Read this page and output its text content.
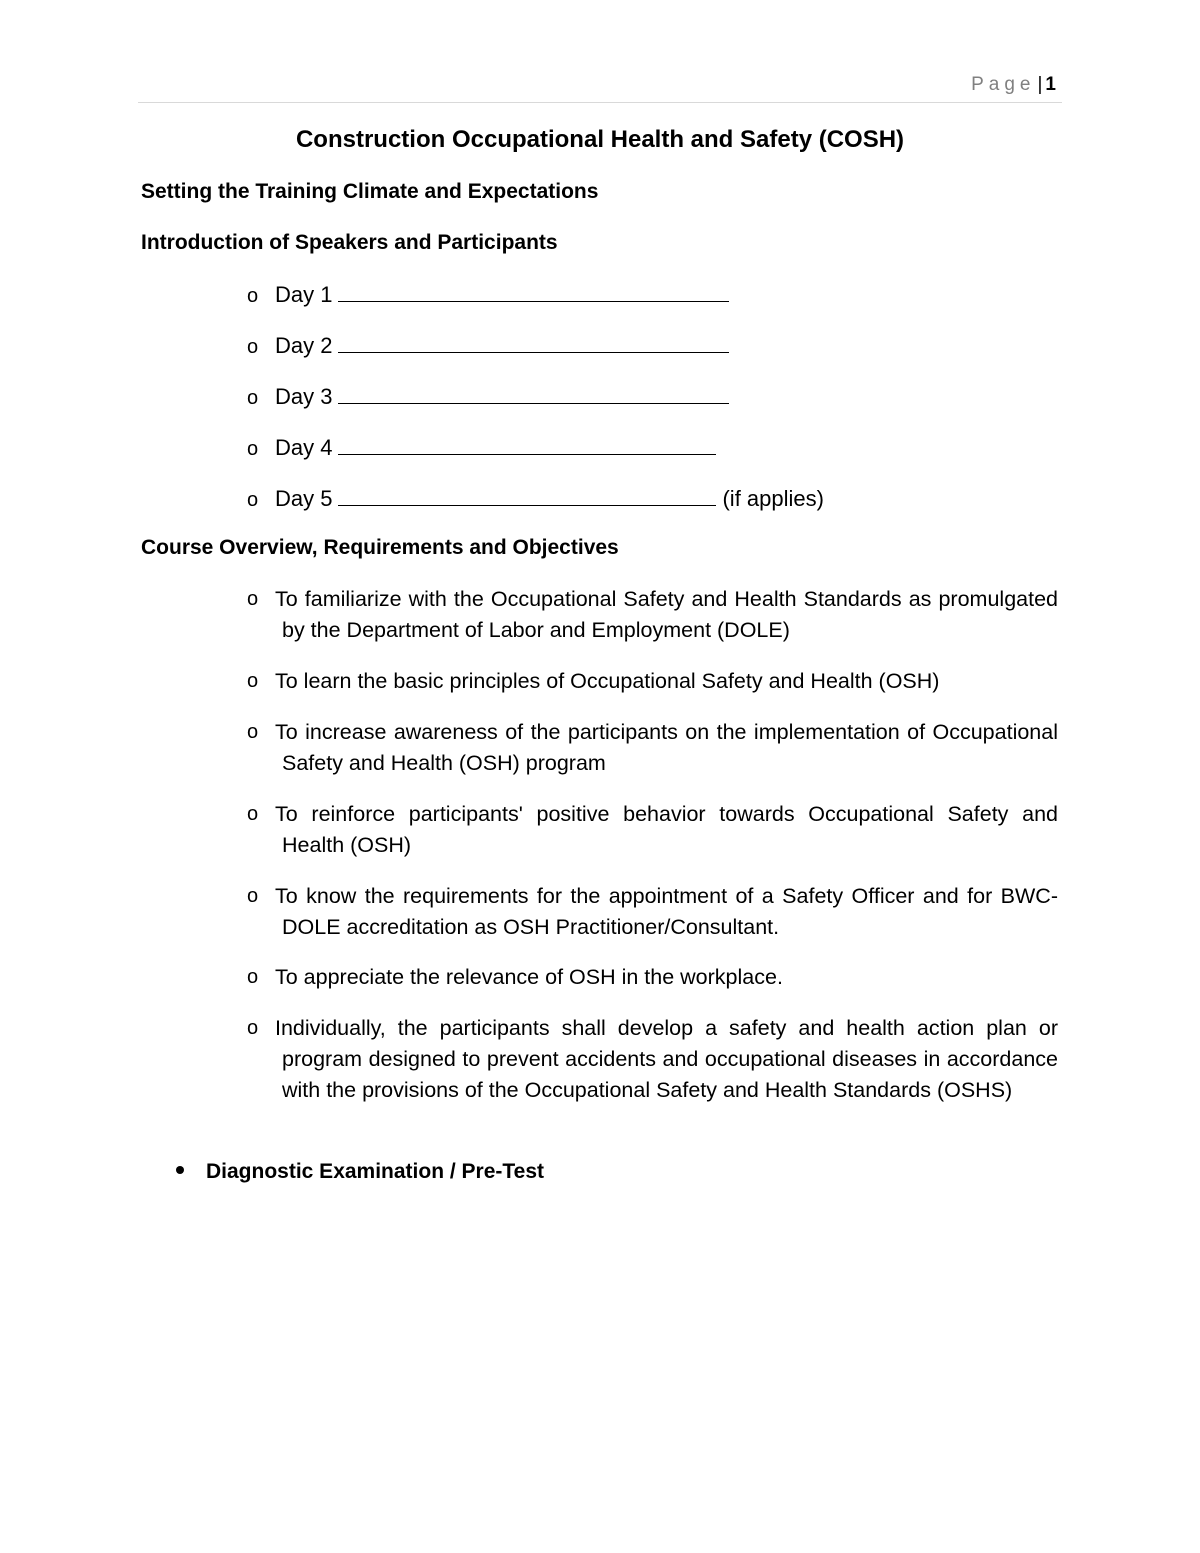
Page | 1
Construction Occupational Health and Safety (COSH)
Setting the Training Climate and Expectations
Introduction of Speakers and Participants
o Day 1
o Day 2
o Day 3
o Day 4
o Day 5	(if applies)
Course Overview, Requirements and Objectives
o To familiarize with the Occupational Safety and Health Standards as promulgated by the Department of Labor and Employment (DOLE)
o To learn the basic principles of Occupational Safety and Health (OSH)
o To increase awareness of the participants on the implementation of Occupational Safety and Health (OSH) program
o To reinforce participants' positive behavior towards Occupational Safety and Health (OSH)
o To know the requirements for the appointment of a Safety Officer and for BWC-DOLE accreditation as OSH Practitioner/Consultant.
o To appreciate the relevance of OSH in the workplace.
o Individually, the participants shall develop a safety and health action plan or program designed to prevent accidents and occupational diseases in accordance with the provisions of the Occupational Safety and Health Standards (OSHS)
Diagnostic Examination / Pre-Test
